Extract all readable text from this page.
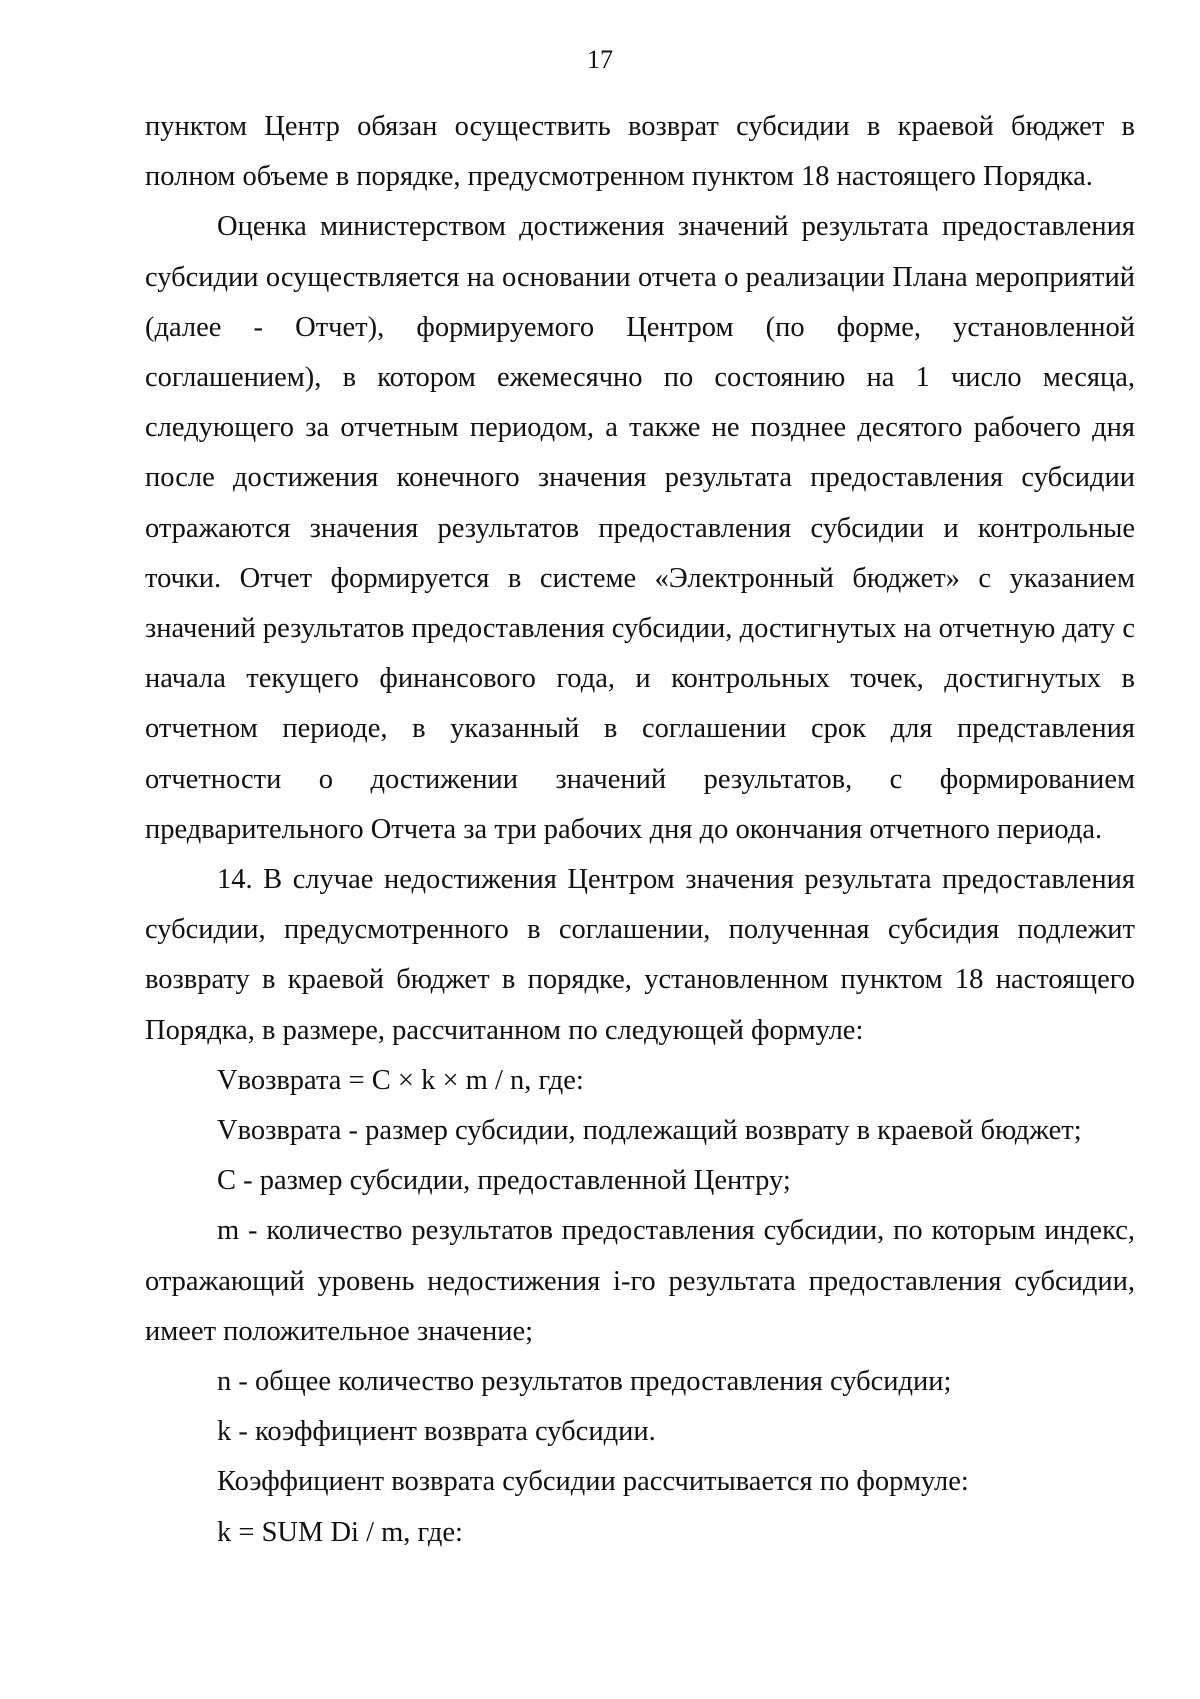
17

пунктом Центр обязан осуществить возврат субсидии в краевой бюджет в полном объеме в порядке, предусмотренном пунктом 18 настоящего Порядка.

Оценка министерством достижения значений результата предоставления субсидии осуществляется на основании отчета о реализации Плана мероприятий (далее - Отчет), формируемого Центром (по форме, установленной соглашением), в котором ежемесячно по состоянию на 1 число месяца, следующего за отчетным периодом, а также не позднее десятого рабочего дня после достижения конечного значения результата предоставления субсидии отражаются значения результатов предоставления субсидии и контрольные точки. Отчет формируется в системе «Электронный бюджет» с указанием значений результатов предоставления субсидии, достигнутых на отчетную дату с начала текущего финансового года, и контрольных точек, достигнутых в отчетном периоде, в указанный в соглашении срок для представления отчетности о достижении значений результатов, с формированием предварительного Отчета за три рабочих дня до окончания отчетного периода.

14. В случае недостижения Центром значения результата предоставления субсидии, предусмотренного в соглашении, полученная субсидия подлежит возврату в краевой бюджет в порядке, установленном пунктом 18 настоящего Порядка, в размере, рассчитанном по следующей формуле:

Vвозврата = C × k × m / n, где:

Vвозврата - размер субсидии, подлежащий возврату в краевой бюджет;

C - размер субсидии, предоставленной Центру;

m - количество результатов предоставления субсидии, по которым индекс, отражающий уровень недостижения i-го результата предоставления субсидии, имеет положительное значение;

n - общее количество результатов предоставления субсидии;

k - коэффициент возврата субсидии.

Коэффициент возврата субсидии рассчитывается по формуле:

k = SUM Di / m, где:
